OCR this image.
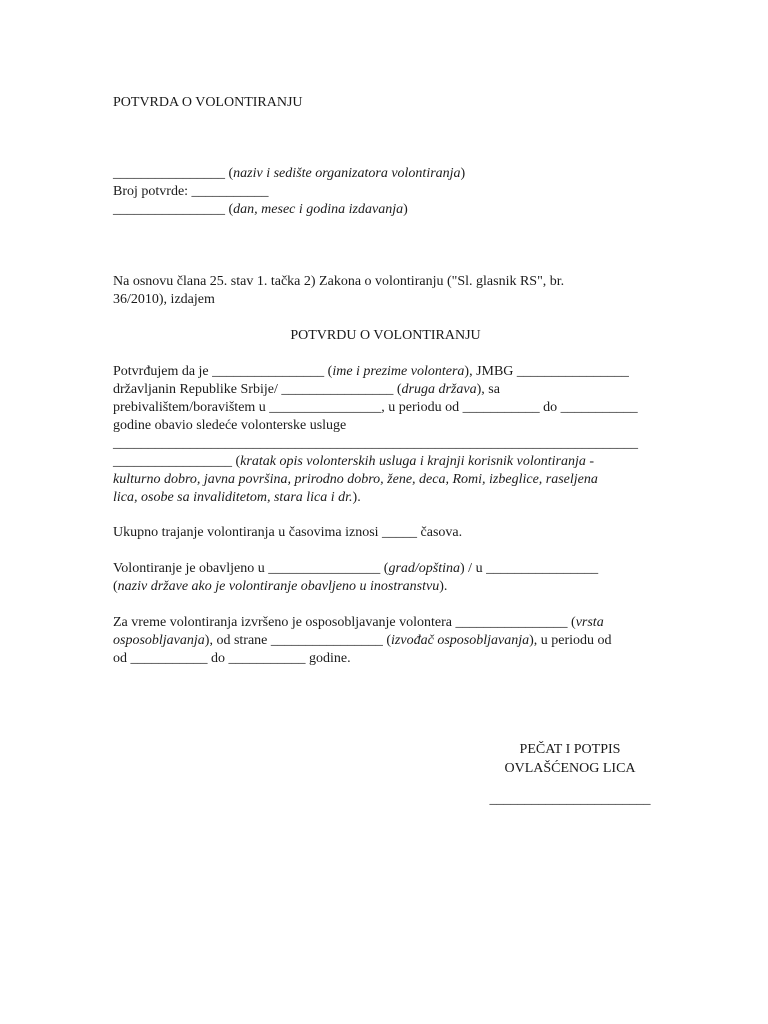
POTVRDA O VOLONTIRANJU
________________ (naziv i sedište organizatora volontiranja)
Broj potvrde: ___________
________________ (dan, mesec i godina izdavanja)
Na osnovu člana 25. stav 1. tačka 2) Zakona o volontiranju ("Sl. glasnik RS", br.
36/2010), izdajem
POTVRDU O VOLONTIRANJU
Potvrđujem da je ________________ (ime i prezime volontera), JMBG ________________
državljanin Republike Srbije/ ________________ (druga država), sa
prebivalištem/boravištem u ________________, u periodu od ___________ do ___________
godine obavio sledeće volonterske usluge
___________________________________________________________________________
_________________ (kratak opis volonterskih usluga i krajnji korisnik volontiranja -
kulturno dobro, javna površina, prirodno dobro, žene, deca, Romi, izbeglice, raseljena
lica, osobe sa invaliditetom, stara lica i dr.).
Ukupno trajanje volontiranja u časovima iznosi _____ časova.
Volontiranje je obavljeno u ________________ (grad/opština) / u ________________
(naziv države ako je volontiranje obavljeno u inostranstvu).
Za vreme volontiranja izvršeno je osposobljavanje volontera ________________ (vrsta
osposobljavanja), od strane ________________ (izvođač osposobljavanja), u periodu od
od ___________ do ___________ godine.
PEČAT I POTPIS
OVLAŠĆENOG LICA
_______________________
